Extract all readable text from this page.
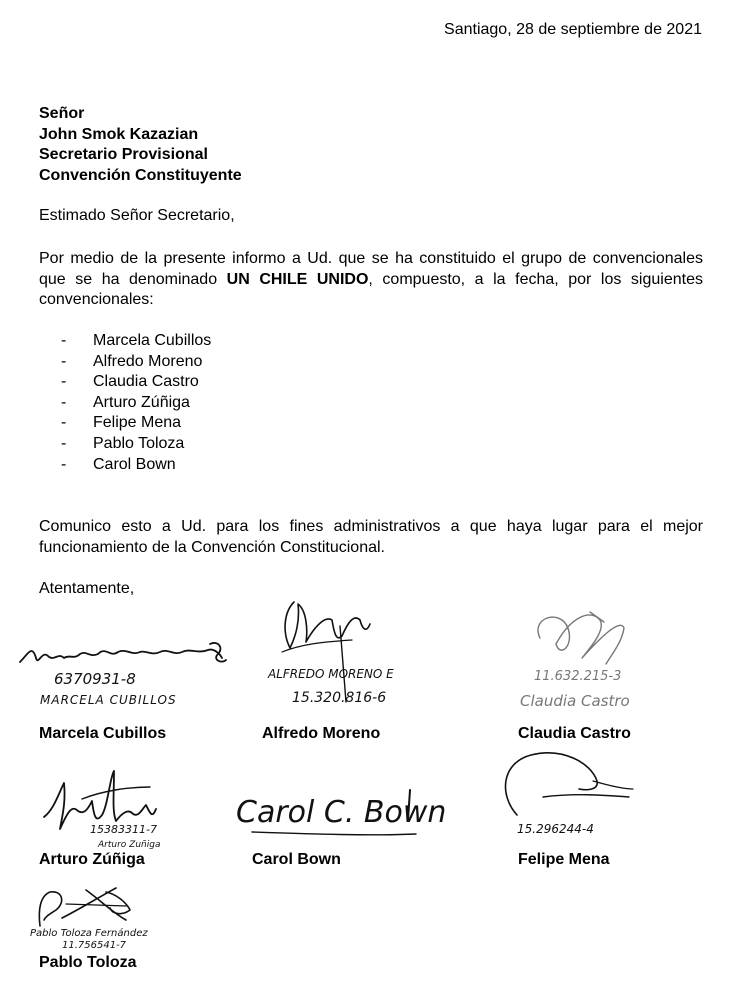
Santiago, 28 de septiembre de 2021
Señor
John Smok Kazazian
Secretario Provisional
Convención Constituyente
Estimado Señor Secretario,
Por medio de la presente informo a Ud. que se ha constituido el grupo de convencionales que se ha denominado UN CHILE UNIDO, compuesto, a la fecha, por los siguientes convencionales:
-	Marcela Cubillos
-	Alfredo Moreno
-	Claudia Castro
-	Arturo Zúñiga
-	Felipe Mena
-	Pablo Toloza
-	Carol Bown
Comunico esto a Ud. para los fines administrativos a que haya lugar para el mejor funcionamiento de la Convención Constitucional.
Atentamente,
6370931-8
MARCELA CUBILLOS
Marcela Cubillos
ALFREDO MORENO E
15.320.816-6
Alfredo Moreno
11.632.215-3
Claudia Castro
Claudia Castro
15383311-7
Arturo Zuñiga
Arturo Zúñiga
Carol C. Bown
Carol Bown
15.296244-4
Felipe Mena
Pablo Toloza Fernández
11.756541-7
Pablo Toloza
